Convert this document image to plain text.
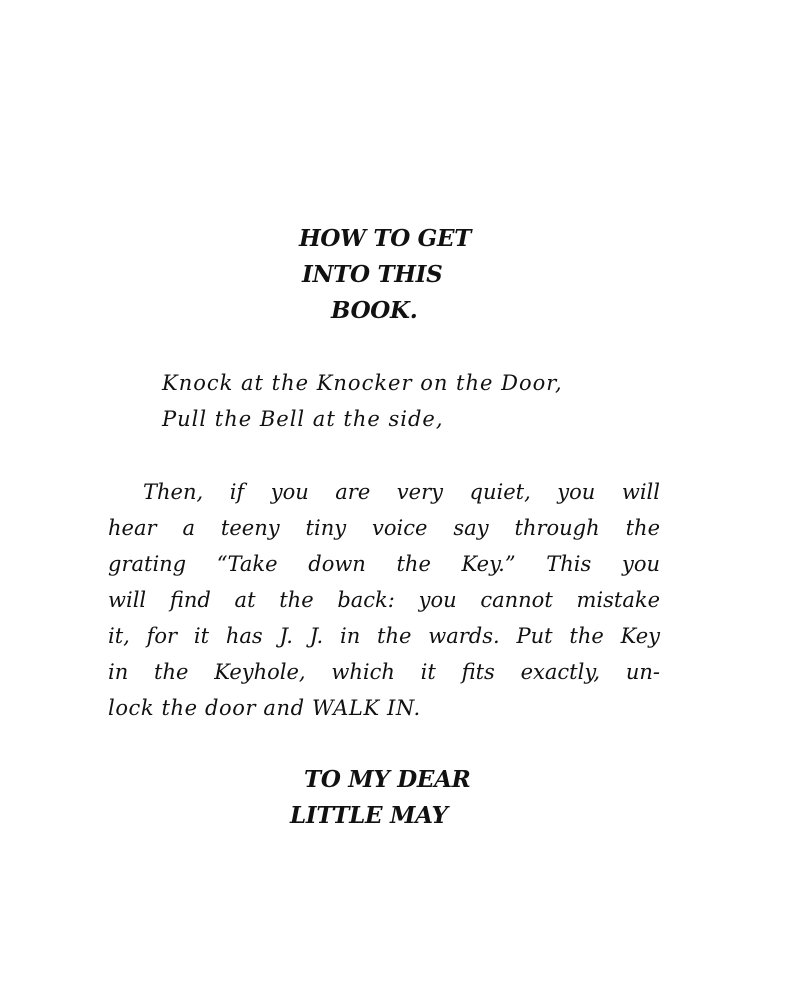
HOW TO GET
INTO THIS
BOOK.
Knock at the Knocker on the Door,
Pull the Bell at the side,
Then, if you are very quiet, you will
hear a teeny tiny voice say through the
grating “Take down the Key.” This you
will find at the back: you cannot mistake
it, for it has J. J. in the wards. Put the Key
in the Keyhole, which it fits exactly, un-
lock the door and WALK IN.
TO MY DEAR
LITTLE MAY
